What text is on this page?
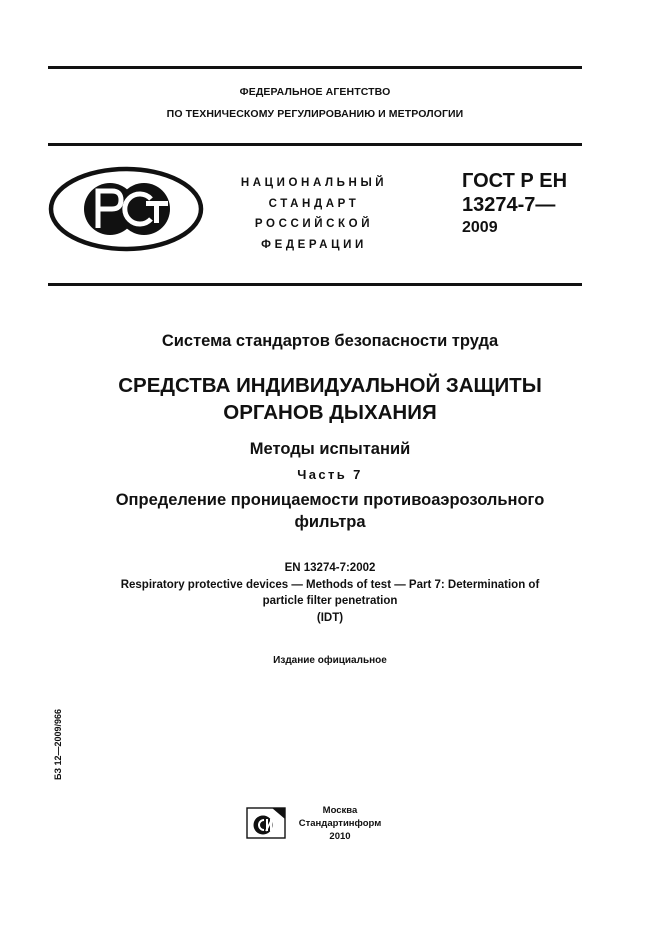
ФЕДЕРАЛЬНОЕ АГЕНТСТВО
ПО ТЕХНИЧЕСКОМУ РЕГУЛИРОВАНИЮ И МЕТРОЛОГИИ
НАЦИОНАЛЬНЫЙ
СТАНДАРТ
РОССИЙСКОЙ
ФЕДЕРАЦИИ
ГОСТ Р ЕН
13274-7—
2009
Система стандартов безопасности труда
СРЕДСТВА ИНДИВИДУАЛЬНОЙ ЗАЩИТЫ
ОРГАНОВ ДЫХАНИЯ
Методы испытаний
Часть 7
Определение проницаемости противоаэрозольного
фильтра
EN 13274-7:2002
Respiratory protective devices — Methods of test — Part 7: Determination of
particle filter penetration
(IDT)
Издание официальное
БЗ 12—2009/966
Москва
Стандартинформ
2010
